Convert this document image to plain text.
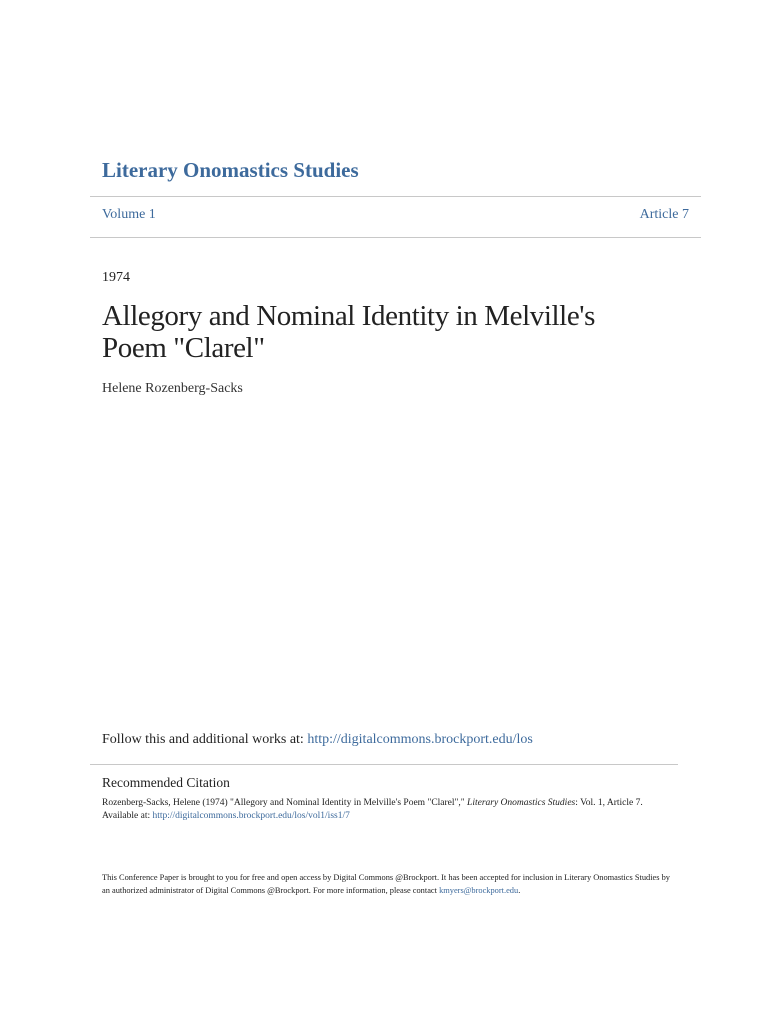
Literary Onomastics Studies
Volume 1	Article 7
1974
Allegory and Nominal Identity in Melville's Poem "Clarel"
Helene Rozenberg-Sacks
Follow this and additional works at: http://digitalcommons.brockport.edu/los
Recommended Citation
Rozenberg-Sacks, Helene (1974) "Allegory and Nominal Identity in Melville's Poem "Clarel"," Literary Onomastics Studies: Vol. 1, Article 7.
Available at: http://digitalcommons.brockport.edu/los/vol1/iss1/7
This Conference Paper is brought to you for free and open access by Digital Commons @Brockport. It has been accepted for inclusion in Literary Onomastics Studies by an authorized administrator of Digital Commons @Brockport. For more information, please contact kmyers@brockport.edu.
